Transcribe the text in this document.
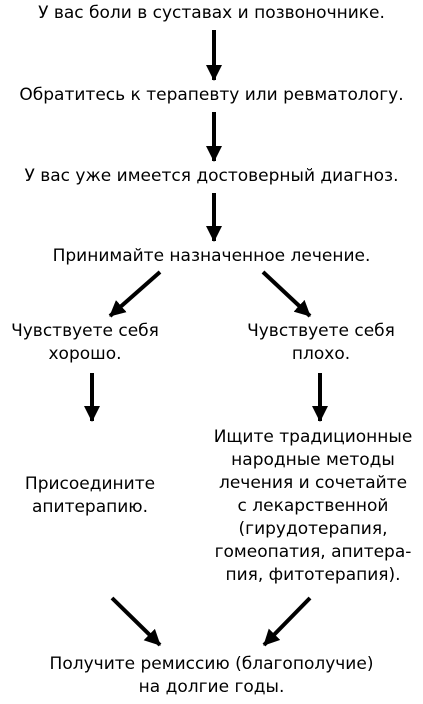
У вас боли в суставах и позвоночнике.
Обратитесь к терапевту или ревматологу.
У вас уже имеется достоверный диагноз.
Принимайте назначенное лечение.
Чувствуете себя
хорошо.
Чувствуете себя
плохо.
Присоедините
апитерапию.
Ищите традиционные
народные методы
лечения и сочетайте
с лекарственной
(гирудотерапия,
гомеопатия, апитера-
пия, фитотерапия).
Получите ремиссию (благополучие)
на долгие годы.
